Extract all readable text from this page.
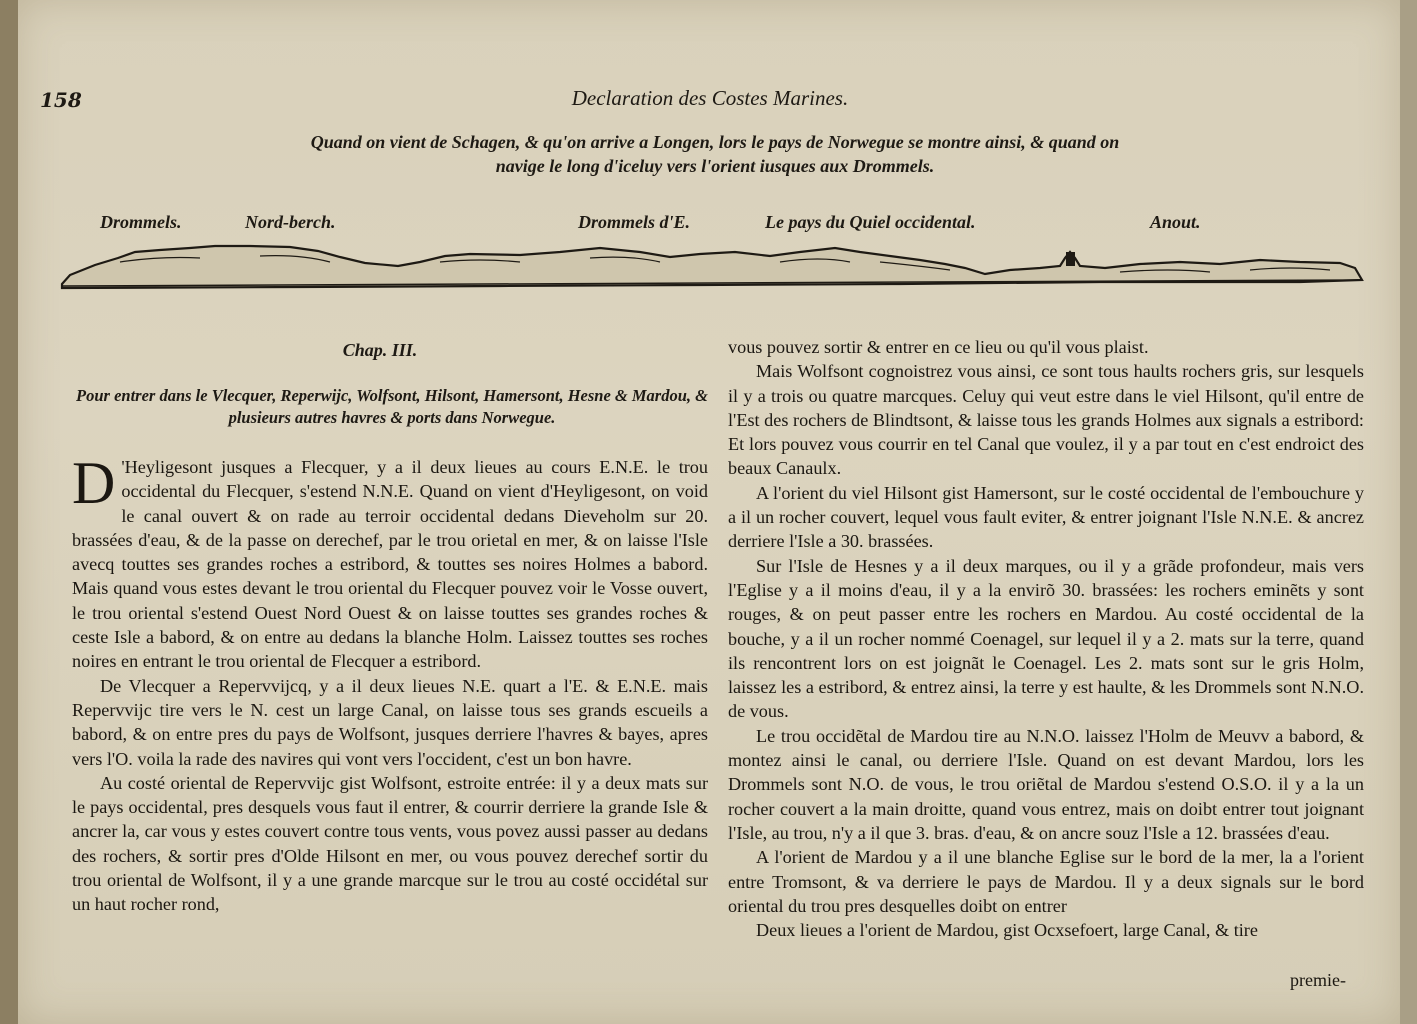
158	Declaration des Costes Marines.
Quand on vient de Schagen, & qu'on arrive a Longen, lors le pays de Norwegue se montre ainsi, & quand on navige le long d'iceluy vers l'orient iusques aux Drommels.
Drommels.	Nord-berch.	Drommels d'E.	Le pays du Quiel occidental.	Anout.
Chap. III.
Pour entrer dans le Vlecquer, Reperwijc, Wolfsont, Hilsont, Hamersont, Hesne & Mardou, & plusieurs autres havres & ports dans Norwegue.

D 'Heyligesont jusques a Flecquer, y a il deux lieues au cours E.N.E. le trou occidental du Flecquer, s'estend N.N.E. Quand on vient d'Heyligesont, on void le canal ouvert & on rade au terroir occidental dedans Dieveholm sur 20. brassées d'eau, & de la passe on derechef, par le trou orietal en mer, & on laisse l'Isle avecq touttes ses grandes roches a estribord, & touttes ses noires Holmes a babord. Mais quand vous estes devant le trou oriental du Flecquer pouvez voir le Vosse ouvert, le trou oriental s'estend Ouest Nord Ouest & on laisse touttes ses grandes roches & ceste Isle a babord, & on entre au dedans la blanche Holm. Laissez touttes ses roches noires en entrant le trou oriental de Flecquer a estribord.

De Vlecquer a Repervvijcq, y a il deux lieues N.E. quart a l'E. & E.N.E. mais Repervvijc tire vers le N. cest un large Canal, on laisse tous ses grands escueils a babord, & on entre pres du pays de Wolfsont, jusques derriere l'havres & bayes, apres vers l'O. voila la rade des navires qui vont vers l'occident, c'est un bon havre.

Au costé oriental de Repervvijc gist Wolfsont, estroite entrée: il y a deux mats sur le pays occidental, pres desquels vous faut il entrer, & courrir derriere la grande Isle & ancrer la, car vous y estes couvert contre tous vents, vous povez aussi passer au dedans des rochers, & sortir pres d'Olde Hilsont en mer, ou vous pouvez derechef sortir du trou oriental de Wolfsont, il y a une grande marcque sur le trou au costé occidétal sur un haut rocher rond,

vous pouvez sortir & entrer en ce lieu ou qu'il vous plaist.

Mais Wolfsont cognoistrez vous ainsi, ce sont tous haults rochers gris, sur lesquels il y a trois ou quatre marcques. Celuy qui veut estre dans le viel Hilsont, qu'il entre de l'Est des rochers de Blindtsont, & laisse tous les grands Holmes aux signals a estribord: Et lors pouvez vous courrir en tel Canal que voulez, il y a par tout en c'est endroict des beaux Canaulx.

A l'orient du viel Hilsont gist Hamersont, sur le costé occidental de l'embouchure y a il un rocher couvert, lequel vous fault eviter, & entrer joignant l'Isle N.N.E. & ancrez derriere l'Isle a 30. brassées.

Sur l'Isle de Hesnes y a il deux marques, ou il y a grãde profondeur, mais vers l'Eglise y a il moins d'eau, il y a la envirõ 30. brassées: les rochers eminẽts y sont rouges, & on peut passer entre les rochers en Mardou. Au costé occidental de la bouche, y a il un rocher nommé Coenagel, sur lequel il y a 2. mats sur la terre, quand ils rencontrent lors on est joignãt le Coenagel. Les 2. mats sont sur le gris Holm, laissez les a estribord, & entrez ainsi, la terre y est haulte, & les Drommels sont N.N.O. de vous.

Le trou occidẽtal de Mardou tire au N.N.O. laissez l'Holm de Meuvv a babord, & montez ainsi le canal, ou derriere l'Isle. Quand on est devant Mardou, lors les Drommels sont N.O. de vous, le trou oriẽtal de Mardou s'estend O.S.O. il y a la un rocher couvert a la main droitte, quand vous entrez, mais on doibt entrer tout joignant l'Isle, au trou, n'y a il que 3. bras. d'eau, & on ancre souz l'Isle a 12. brassées d'eau.

A l'orient de Mardou y a il une blanche Eglise sur le bord de la mer, la a l'orient entre Tromsont, & va derriere le pays de Mardou. Il y a deux signals sur le bord oriental du trou pres desquelles doibt on entrer

Deux lieues a l'orient de Mardou, gist Ocxsefoert, large Canal, & tire

premie-
